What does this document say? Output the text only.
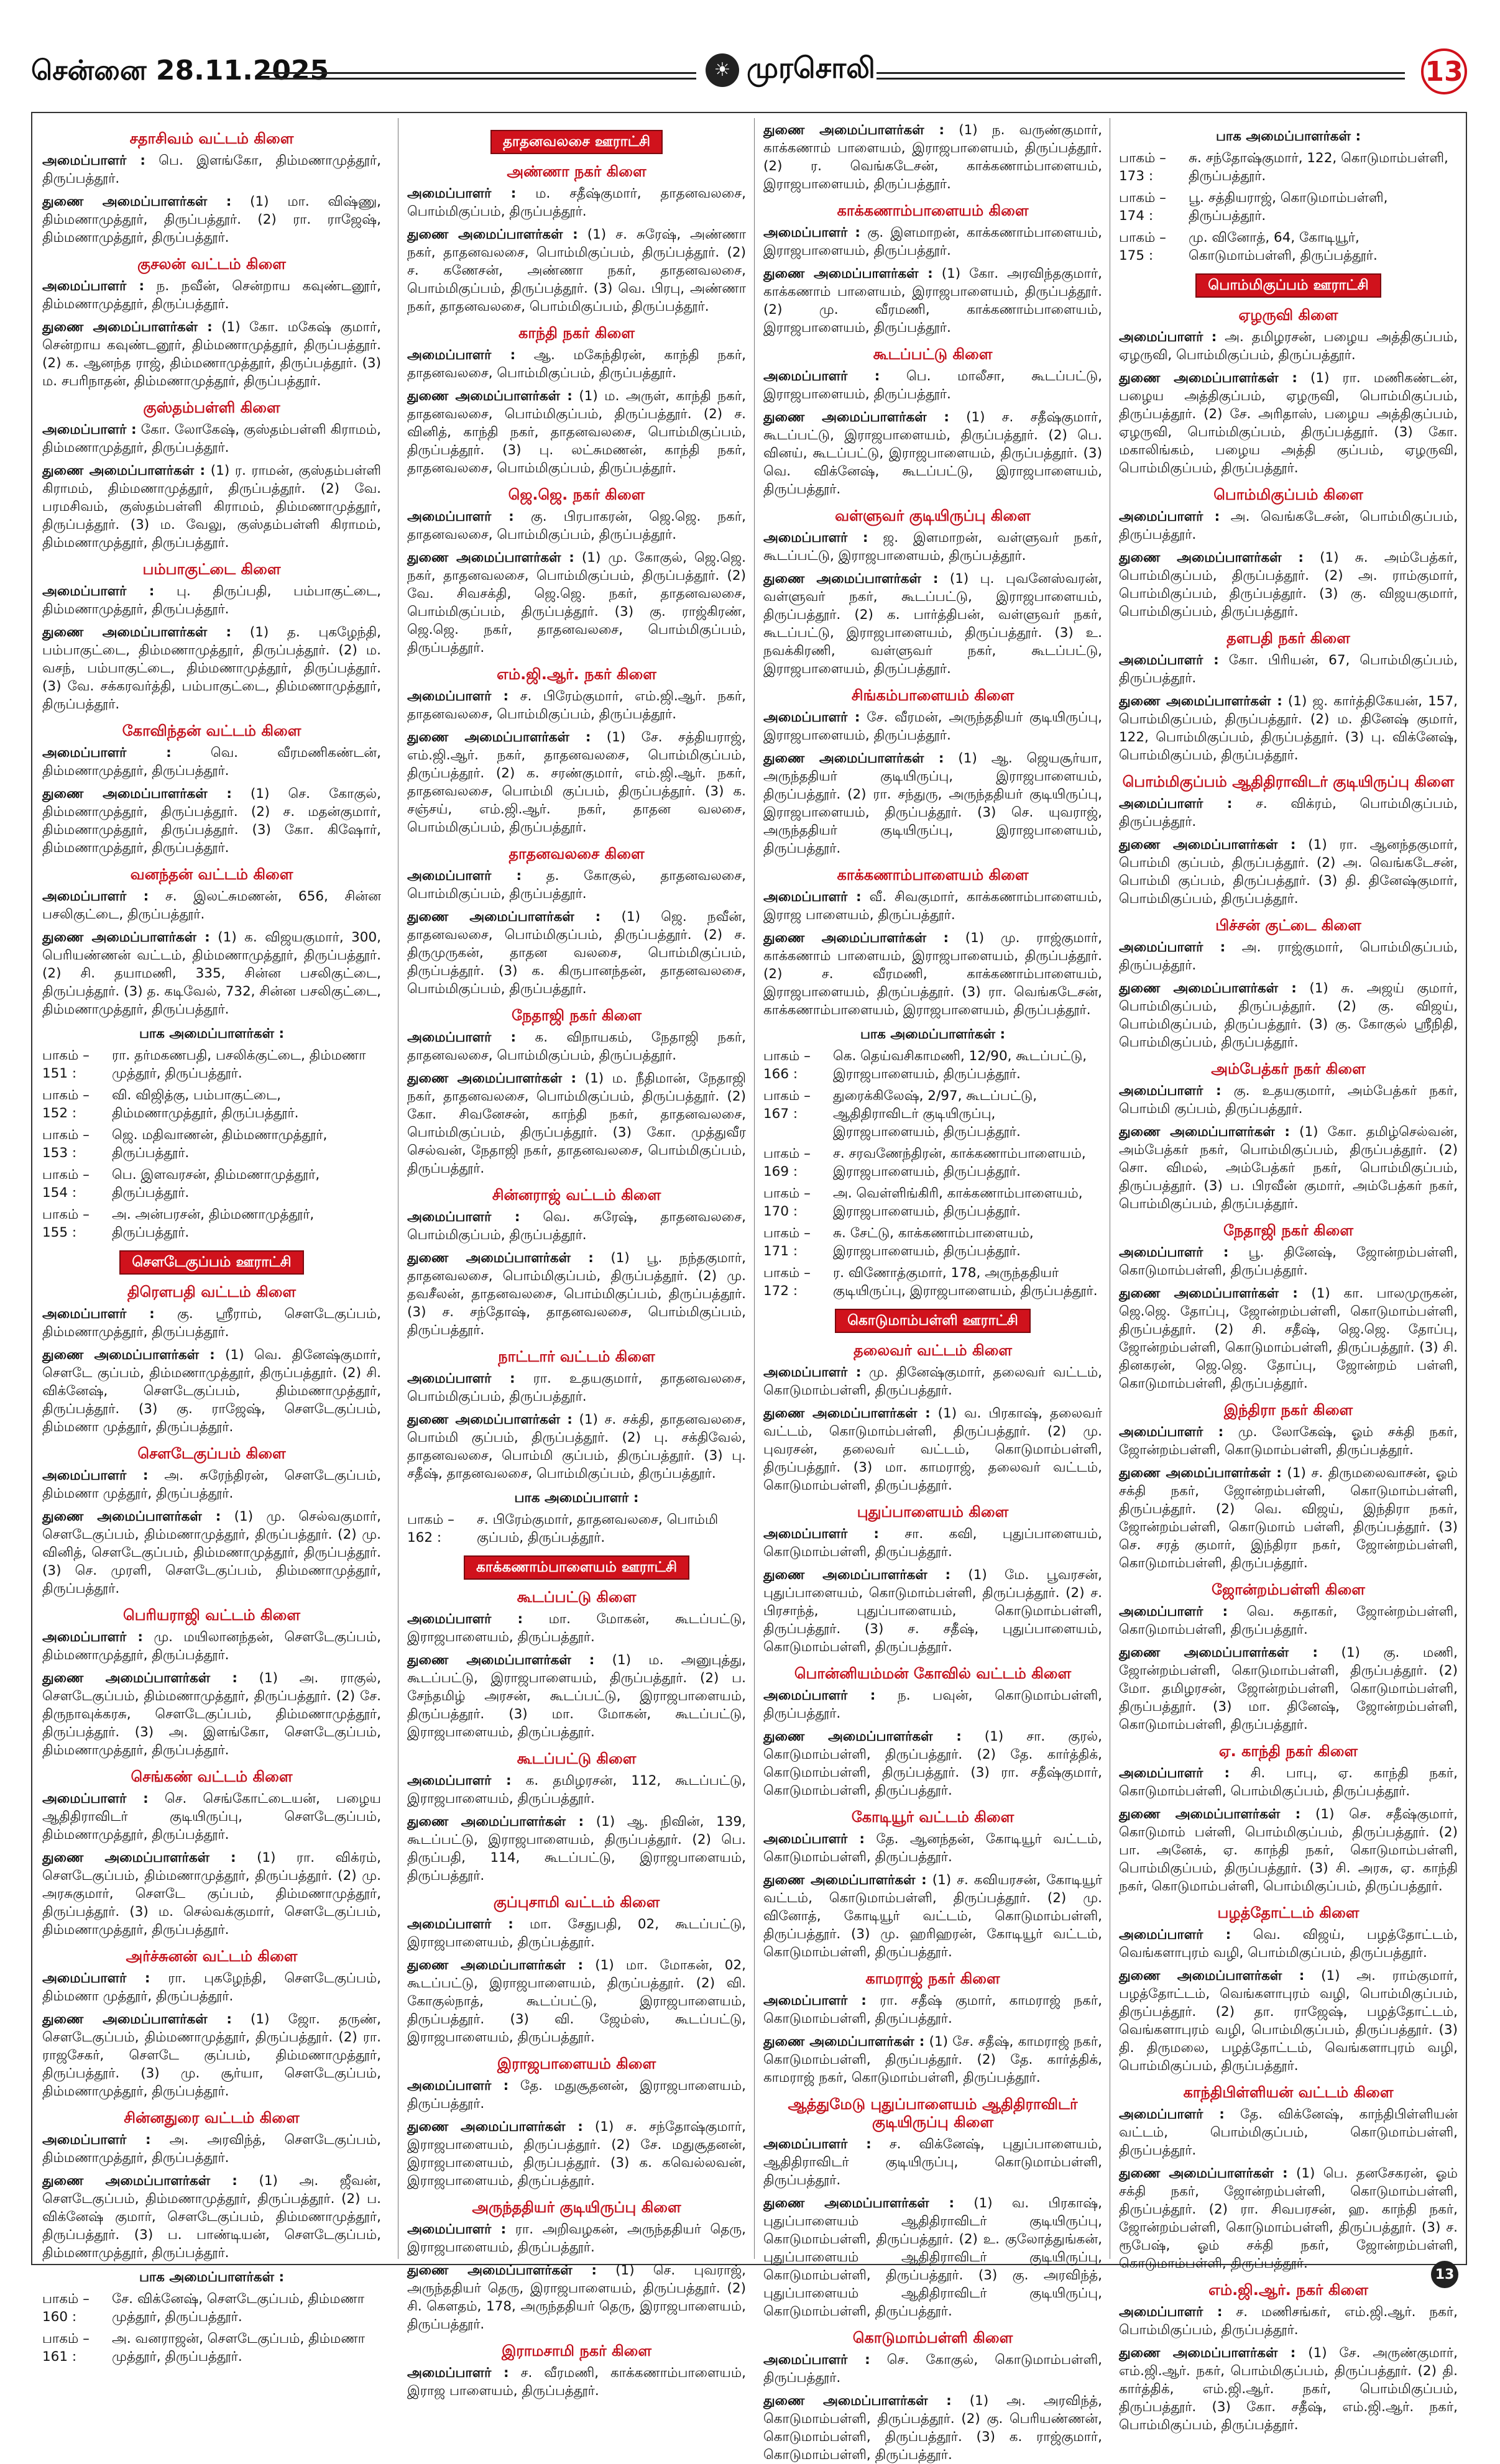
சென்னை 28.11.2025	☀ முரசொலி	13
சதாசிவம் வட்டம் கிளை

அமைப்பாளர் : பெ. இளங்கோ, திம்மணாமுத்தூர், திருப்பத்தூர்.

துணை அமைப்பாளர்கள் : (1) மா. விஷ்ணு, திம்மணாமுத்தூர், திருப்பத்தூர். (2) ரா. ராஜேஷ், திம்மணாமுத்தூர், திருப்பத்தூர்.

குசலன் வட்டம் கிளை

அமைப்பாளர் : ந. நவீன், சென்றாய கவுண்டனூர், திம்மணாமுத்தூர், திருப்பத்தூர்.

துணை அமைப்பாளர்கள் : (1) கோ. மகேஷ் குமார், சென்றாய கவுண்டனூர், திம்மணாமுத்தூர், திருப்பத்தூர். (2) க. ஆனந்த ராஜ், திம்மணாமுத்தூர், திருப்பத்தூர். (3) ம. சபரிநாதன், திம்மணாமுத்தூர், திருப்பத்தூர்.

குஸ்தம்பள்ளி கிளை

அமைப்பாளர் : கோ. லோகேஷ், குஸ்தம்பள்ளி கிராமம், திம்மணாமுத்தூர், திருப்பத்தூர்.

துணை அமைப்பாளர்கள் : (1) ர. ராமன், குஸ்தம்பள்ளி கிராமம், திம்மணாமுத்தூர், திருப்பத்தூர். (2) வே. பரமசிவம், குஸ்தம்பள்ளி கிராமம், திம்மணாமுத்தூர், திருப்பத்தூர். (3) ம. வேலு, குஸ்தம்பள்ளி கிராமம், திம்மணாமுத்தூர், திருப்பத்தூர்.

பம்பாகுட்டை கிளை

அமைப்பாளர் : பு. திருப்பதி, பம்பாகுட்டை, திம்மணாமுத்தூர், திருப்பத்தூர்.

துணை அமைப்பாளர்கள் : (1) த. புகழேந்தி, பம்பாகுட்டை, திம்மணாமுத்தூர், திருப்பத்தூர். (2) ம. வசந், பம்பாகுட்டை, திம்மணாமுத்தூர், திருப்பத்தூர். (3) வே. சக்கரவர்த்தி, பம்பாகுட்டை, திம்மணாமுத்தூர், திருப்பத்தூர்.

கோவிந்தன் வட்டம் கிளை

அமைப்பாளர் :	வெ. வீரமணிகண்டன், திம்மணாமுத்தூர், திருப்பத்தூர்.

துணை அமைப்பாளர்கள் : (1) செ. கோகுல், திம்மணாமுத்தூர், திருப்பத்தூர். (2) ச. மதன்குமார், திம்மணாமுத்தூர், திருப்பத்தூர். (3) கோ. கிஷோர், திம்மணாமுத்தூர், திருப்பத்தூர்.

வனந்தன் வட்டம் கிளை

அமைப்பாளர் : ச. இலட்சுமணன், 656, சின்ன பசலிகுட்டை, திருப்பத்தூர்.

துணை அமைப்பாளர்கள் : (1) க. விஜயகுமார், 300, பெரியண்ணன் வட்டம், திம்மணாமுத்தூர், திருப்பத்தூர். (2) சி. தயாமணி, 335, சின்ன பசலிகுட்டை, திருப்பத்தூர். (3) த. கடிவேல், 732, சின்ன பசலிகுட்டை, திம்மணாமுத்தூர், திருப்பத்தூர்.

பாக அமைப்பாளர்கள் :
பாகம் – 151 :
ரா. தர்மகணபதி, பசலிக்குட்டை, திம்மணா முத்தூர், திருப்பத்தூர்.
பாகம் – 152 :
வி. விஜித்கு, பம்பாகுட்டை, திம்மணாமுத்தூர், திருப்பத்தூர்.
பாகம் – 153 :
ஜெ. மதிவாணன், திம்மணாமுத்தூர், திருப்பத்தூர்.
பாகம் – 154 :
பெ. இளவரசன், திம்மணாமுத்தூர், திருப்பத்தூர்.
பாகம் – 155 :
அ. அன்பரசன், திம்மணாமுத்தூர், திருப்பத்தூர்.
சௌடேகுப்பம் ஊராட்சி
திரௌபதி வட்டம் கிளை

அமைப்பாளர் : கு. ஸ்ரீராம், சௌடேகுப்பம், திம்மணாமுத்தூர், திருப்பத்தூர்.

துணை அமைப்பாளர்கள் : (1) வெ. தினேஷ்குமார், சௌடே குப்பம், திம்மணாமுத்தூர், திருப்பத்தூர். (2) சி. விக்னேஷ், சௌடேகுப்பம், திம்மணாமுத்தூர், திருப்பத்தூர். (3) கு. ராஜேஷ், சௌடேகுப்பம், திம்மணா முத்தூர், திருப்பத்தூர்.

சௌடேகுப்பம் கிளை

அமைப்பாளர் : அ. சுரேந்திரன், சௌடேகுப்பம், திம்மணா முத்தூர், திருப்பத்தூர்.

துணை அமைப்பாளர்கள் : (1) மு. செல்வகுமார், சௌடேகுப்பம், திம்மணாமுத்தூர், திருப்பத்தூர். (2) மு. வினித், சௌடேகுப்பம், திம்மணாமுத்தூர், திருப்பத்தூர். (3) செ. முரளி, சௌடேகுப்பம், திம்மணாமுத்தூர், திருப்பத்தூர்.

பெரியராஜி வட்டம் கிளை

அமைப்பாளர் : மு. மயிலானந்தன், சௌடேகுப்பம், திம்மணாமுத்தூர், திருப்பத்தூர்.

துணை அமைப்பாளர்கள் : (1) அ. ராகுல், சௌடேகுப்பம், திம்மணாமுத்தூர், திருப்பத்தூர். (2) சே. திருநாவுக்கரசு, சௌடேகுப்பம், திம்மணாமுத்தூர், திருப்பத்தூர். (3) அ. இளங்கோ, சௌடேகுப்பம், திம்மணாமுத்தூர், திருப்பத்தூர்.

செங்கண் வட்டம் கிளை

அமைப்பாளர் : செ. செங்கோட்டையன், பழைய ஆதிதிராவிடர் குடியிருப்பு, சௌடேகுப்பம், திம்மணாமுத்தூர், திருப்பத்தூர்.

துணை அமைப்பாளர்கள் : (1) ரா. விக்ரம், சௌடேகுப்பம், திம்மணாமுத்தூர், திருப்பத்தூர். (2) மு. அரசுகுமார், சௌடே குப்பம், திம்மணாமுத்தூர், திருப்பத்தூர். (3) ம. செல்வக்குமார், சௌடேகுப்பம், திம்மணாமுத்தூர், திருப்பத்தூர்.

அர்ச்சுனன் வட்டம் கிளை

அமைப்பாளர் : ரா. புகழேந்தி, சௌடேகுப்பம், திம்மணா முத்தூர், திருப்பத்தூர்.

துணை அமைப்பாளர்கள் : (1) ஜோ. தருண், சௌடேகுப்பம், திம்மணாமுத்தூர், திருப்பத்தூர். (2) ரா. ராஜசேகர், சௌடே குப்பம், திம்மணாமுத்தூர், திருப்பத்தூர். (3) மு. சூர்யா, சௌடேகுப்பம், திம்மணாமுத்தூர், திருப்பத்தூர்.

சின்னதுரை வட்டம் கிளை

அமைப்பாளர் : அ. அரவிந்த், சௌடேகுப்பம், திம்மணாமுத்தூர், திருப்பத்தூர்.

துணை அமைப்பாளர்கள் : (1) அ. ஜீவன், சௌடேகுப்பம், திம்மணாமுத்தூர், திருப்பத்தூர். (2) ப. விக்னேஷ் குமார், சௌடேகுப்பம், திம்மணாமுத்தூர், திருப்பத்தூர். (3) ப. பாண்டியன், சௌடேகுப்பம், திம்மணாமுத்தூர், திருப்பத்தூர்.

பாக அமைப்பாளர்கள் :
பாகம் – 160 :
சே. விக்னேஷ், சௌடேகுப்பம், திம்மணா முத்தூர், திருப்பத்தூர்.
பாகம் – 161 :
அ. வனராஜன், சௌடேகுப்பம், திம்மணா முத்தூர், திருப்பத்தூர்.
தாதனவலசை ஊராட்சி
அண்ணா நகர் கிளை

அமைப்பாளர் : ம. சதீஷ்குமார், தாதனவலசை, பொம்மிகுப்பம், திருப்பத்தூர்.

துணை அமைப்பாளர்கள் : (1) ச. சுரேஷ், அண்ணா நகர், தாதனவலசை, பொம்மிகுப்பம், திருப்பத்தூர். (2) ச. கணேசன், அண்ணா நகர், தாதனவலசை, பொம்மிகுப்பம், திருப்பத்தூர். (3) வெ. பிரபு, அண்ணா நகர், தாதனவலசை, பொம்மிகுப்பம், திருப்பத்தூர்.

காந்தி நகர் கிளை

அமைப்பாளர் : ஆ. மகேந்திரன், காந்தி நகர், தாதனவலசை, பொம்மிகுப்பம், திருப்பத்தூர்.

துணை அமைப்பாளர்கள் : (1) ம. அருள், காந்தி நகர், தாதனவலசை, பொம்மிகுப்பம், திருப்பத்தூர். (2) ச. வினித், காந்தி நகர், தாதனவலசை, பொம்மிகுப்பம், திருப்பத்தூர். (3) பு. லட்சுமணன், காந்தி நகர், தாதனவலசை, பொம்மிகுப்பம், திருப்பத்தூர்.

ஜெ.ஜெ. நகர் கிளை

அமைப்பாளர் : கு. பிரபாகரன், ஜெ.ஜெ. நகர், தாதனவலசை, பொம்மிகுப்பம், திருப்பத்தூர்.

துணை அமைப்பாளர்கள் : (1) மு. கோகுல், ஜெ.ஜெ. நகர், தாதனவலசை, பொம்மிகுப்பம், திருப்பத்தூர். (2) வே. சிவசக்தி, ஜெ.ஜெ. நகர், தாதனவலசை, பொம்மிகுப்பம், திருப்பத்தூர். (3) கு. ராஜ்கிரண், ஜெ.ஜெ. நகர், தாதனவலசை, பொம்மிகுப்பம், திருப்பத்தூர்.

எம்.ஜி.ஆர். நகர் கிளை

அமைப்பாளர் : ச. பிரேம்குமார், எம்.ஜி.ஆர். நகர், தாதனவலசை, பொம்மிகுப்பம், திருப்பத்தூர்.

துணை அமைப்பாளர்கள் : (1) சே. சத்தியராஜ், எம்.ஜி.ஆர். நகர், தாதனவலசை, பொம்மிகுப்பம், திருப்பத்தூர். (2) க. சரண்குமார், எம்.ஜி.ஆர். நகர், தாதனவலசை, பொம்மி குப்பம், திருப்பத்தூர். (3) க. சஞ்சய், எம்.ஜி.ஆர். நகர், தாதன வலசை, பொம்மிகுப்பம், திருப்பத்தூர்.

தாதனவலசை கிளை

அமைப்பாளர் : த. கோகுல், தாதனவலசை, பொம்மிகுப்பம், திருப்பத்தூர்.

துணை அமைப்பாளர்கள் : (1) ஜெ. நவீன், தாதனவலசை, பொம்மிகுப்பம், திருப்பத்தூர். (2) ச. திருமுருகன், தாதன வலசை, பொம்மிகுப்பம், திருப்பத்தூர். (3) க. கிருபானந்தன், தாதனவலசை, பொம்மிகுப்பம், திருப்பத்தூர்.

நேதாஜி நகர் கிளை

அமைப்பாளர் : க. விநாயகம், நேதாஜி நகர், தாதனவலசை, பொம்மிகுப்பம், திருப்பத்தூர்.

துணை அமைப்பாளர்கள் : (1) ம. நீதிமான், நேதாஜி நகர், தாதனவலசை, பொம்மிகுப்பம், திருப்பத்தூர். (2) கோ. சிவனேசன், காந்தி நகர், தாதனவலசை, பொம்மிகுப்பம், திருப்பத்தூர். (3) கோ. முத்துவீர செல்வன், நேதாஜி நகர், தாதனவலசை, பொம்மிகுப்பம், திருப்பத்தூர்.

சின்னராஜ் வட்டம் கிளை

அமைப்பாளர் : வெ. சுரேஷ், தாதனவலசை, பொம்மிகுப்பம், திருப்பத்தூர்.

துணை அமைப்பாளர்கள் : (1) பூ. நந்தகுமார், தாதனவலசை, பொம்மிகுப்பம், திருப்பத்தூர். (2) மு. தவசீலன், தாதனவலசை, பொம்மிகுப்பம், திருப்பத்தூர். (3) ச. சந்தோஷ், தாதனவலசை, பொம்மிகுப்பம், திருப்பத்தூர்.

நாட்டார் வட்டம் கிளை

அமைப்பாளர் : ரா. உதயகுமார், தாதனவலசை, பொம்மிகுப்பம், திருப்பத்தூர்.

துணை அமைப்பாளர்கள் : (1) ச. சக்தி, தாதனவலசை, பொம்மி குப்பம், திருப்பத்தூர். (2) பு. சக்திவேல், தாதனவலசை, பொம்மி குப்பம், திருப்பத்தூர். (3) பு. சதீஷ், தாதனவலசை, பொம்மிகுப்பம், திருப்பத்தூர்.

பாக அமைப்பாளர் :
பாகம் – 162 :
ச. பிரேம்குமார், தாதனவலசை, பொம்மி குப்பம், திருப்பத்தூர்.
காக்கணாம்பாளையம் ஊராட்சி
கூடப்பட்டு கிளை

அமைப்பாளர் : மா. மோகன், கூடப்பட்டு, இராஜபாளையம், திருப்பத்தூர்.

துணை அமைப்பாளர்கள் : (1) ம. அனுபுத்து, கூடப்பட்டு, இராஜபாளையம், திருப்பத்தூர். (2) ப. சேந்தமிழ் அரசன், கூடப்பட்டு, இராஜபாளையம், திருப்பத்தூர். (3) மா. மோகன், கூடப்பட்டு, இராஜபாளையம், திருப்பத்தூர்.

கூடப்பட்டு கிளை

அமைப்பாளர் : க. தமிழரசன், 112, கூடப்பட்டு, இராஜபாளையம், திருப்பத்தூர்.

துணை அமைப்பாளர்கள் : (1) ஆ. நிவின், 139, கூடப்பட்டு, இராஜபாளையம், திருப்பத்தூர். (2) பெ. திருப்பதி, 114, கூடப்பட்டு, இராஜபாளையம், திருப்பத்தூர்.

குப்புசாமி வட்டம் கிளை

அமைப்பாளர் : மா. சேதுபதி, 02, கூடப்பட்டு, இராஜபாளையம், திருப்பத்தூர்.

துணை அமைப்பாளர்கள் : (1) மா. மோகன், 02, கூடப்பட்டு, இராஜபாளையம், திருப்பத்தூர். (2) வி. கோகுல்நாத், கூடப்பட்டு, இராஜபாளையம், திருப்பத்தூர். (3) வி. ஜேம்ஸ், கூடப்பட்டு, இராஜபாளையம், திருப்பத்தூர்.

இராஜபாளையம் கிளை

அமைப்பாளர் : தே. மதுசூதனன், இராஜபாளையம், திருப்பத்தூர்.

துணை அமைப்பாளர்கள் : (1) ச. சந்தோஷ்குமார், இராஜபாளையம், திருப்பத்தூர். (2) சே. மதுசூதனன், இராஜபாளையம், திருப்பத்தூர். (3) க. கவெல்லவன், இராஜபாளையம், திருப்பத்தூர்.

அருந்ததியர் குடியிருப்பு கிளை

அமைப்பாளர் : ரா. அறிவழகன், அருந்ததியர் தெரு, இராஜபாளையம், திருப்பத்தூர்.

துணை அமைப்பாளர்கள் : (1) செ. புவராஜ், அருந்ததியர் தெரு, இராஜபாளையம், திருப்பத்தூர். (2) சி. கௌதம், 178, அருந்ததியர் தெரு, இராஜபாளையம், திருப்பத்தூர்.

இராமசாமி நகர் கிளை

அமைப்பாளர் : ச. வீரமணி, காக்கணாம்பாளையம், இராஜ பாளையம், திருப்பத்தூர்.

துணை அமைப்பாளர்கள் : (1) ந. வருண்குமார், காக்கணாம் பாளையம், இராஜபாளையம், திருப்பத்தூர். (2) ர. வெங்கடேசன், காக்கணாம்பாளையம், இராஜபாளையம், திருப்பத்தூர்.

காக்கணாம்பாளையம் கிளை

அமைப்பாளர் : கு. இளமாறன், காக்கணாம்பாளையம், இராஜபாளையம், திருப்பத்தூர்.

துணை அமைப்பாளர்கள் : (1) கோ. அரவிந்தகுமார், காக்கணாம் பாளையம், இராஜபாளையம், திருப்பத்தூர். (2) மு. வீரமணி, காக்கணாம்பாளையம், இராஜபாளையம், திருப்பத்தூர்.

கூடப்பட்டு கிளை

அமைப்பாளர் : பெ. மாலீசா, கூடப்பட்டு, இராஜபாளையம், திருப்பத்தூர்.

துணை அமைப்பாளர்கள் : (1) ச. சதீஷ்குமார், கூடப்பட்டு, இராஜபாளையம், திருப்பத்தூர். (2) பெ. வினய், கூடப்பட்டு, இராஜபாளையம், திருப்பத்தூர். (3) வெ. விக்னேஷ், கூடப்பட்டு, இராஜபாளையம், திருப்பத்தூர்.

வள்ளுவர் குடியிருப்பு கிளை

அமைப்பாளர் : ஜ. இளமாறன், வள்ளுவர் நகர், கூடப்பட்டு, இராஜபாளையம், திருப்பத்தூர்.

துணை அமைப்பாளர்கள் : (1) பு. புவனேஸ்வரன், வள்ளுவர் நகர், கூடப்பட்டு, இராஜபாளையம், திருப்பத்தூர். (2) க. பார்த்திபன், வள்ளுவர் நகர், கூடப்பட்டு, இராஜபாளையம், திருப்பத்தூர். (3) உ. நவக்கிரணி, வள்ளுவர் நகர், கூடப்பட்டு, இராஜபாளையம், திருப்பத்தூர்.

சிங்கம்பாளையம் கிளை

அமைப்பாளர் : சே. வீரமன், அருந்ததியர் குடியிருப்பு, இராஜபாளையம், திருப்பத்தூர்.

துணை அமைப்பாளர்கள் : (1) ஆ. ஜெயசூர்யா, அருந்ததியர் குடியிருப்பு, இராஜபாளையம், திருப்பத்தூர். (2) ரா. சந்துரு, அருந்ததியர் குடியிருப்பு, இராஜபாளையம், திருப்பத்தூர். (3) செ. யுவராஜ், அருந்ததியர் குடியிருப்பு, இராஜபாளையம், திருப்பத்தூர்.

காக்கணாம்பாளையம் கிளை

அமைப்பாளர் : வீ. சிவகுமார், காக்கணாம்பாளையம், இராஜ பாளையம், திருப்பத்தூர்.

துணை அமைப்பாளர்கள் : (1) மு. ராஜ்குமார், காக்கணாம் பாளையம், இராஜபாளையம், திருப்பத்தூர். (2) ச. வீரமணி, காக்கணாம்பாளையம், இராஜபாளையம், திருப்பத்தூர். (3) ரா. வெங்கடேசன், காக்கணாம்பாளையம், இராஜபாளையம், திருப்பத்தூர்.

பாக அமைப்பாளர்கள் :
பாகம் – 166 :
கெ. தெய்வசிகாமணி, 12/90, கூடப்பட்டு, இராஜபாளையம், திருப்பத்தூர்.
பாகம் – 167 :
துரைக்கிலேஷ், 2/97, கூடப்பட்டு, ஆதிதிராவிடர் குடியிருப்பு, இராஜபாளையம், திருப்பத்தூர்.
பாகம் – 169 :
ச. சரவணேந்திரன், காக்கணாம்பாளையம், இராஜபாளையம், திருப்பத்தூர்.
பாகம் – 170 :
அ. வெள்ளிங்கிரி, காக்கணாம்பாளையம், இராஜபாளையம், திருப்பத்தூர்.
பாகம் – 171 :
சு. சேட்டு, காக்கணாம்பாளையம், இராஜபாளையம், திருப்பத்தூர்.
பாகம் – 172 :
ர. விணோத்குமார், 178, அருந்ததியர் குடியிருப்பு, இராஜபாளையம், திருப்பத்தூர்.
கொடுமாம்பள்ளி ஊராட்சி
தலைவர் வட்டம் கிளை

அமைப்பாளர் : மு. தினேஷ்குமார், தலைவர் வட்டம், கொடுமாம்பள்ளி, திருப்பத்தூர்.

துணை அமைப்பாளர்கள் : (1) வ. பிரகாஷ், தலைவர் வட்டம், கொடுமாம்பள்ளி, திருப்பத்தூர். (2) மு. புவரசன், தலைவர் வட்டம், கொடுமாம்பள்ளி, திருப்பத்தூர். (3) மா. காமராஜ், தலைவர் வட்டம், கொடுமாம்பள்ளி, திருப்பத்தூர்.

புதுப்பாளையம் கிளை

அமைப்பாளர் : சா. கவி, புதுப்பாளையம், கொடுமாம்பள்ளி, திருப்பத்தூர்.

துணை அமைப்பாளர்கள் : (1) மே. பூவரசன், புதுப்பாளையம், கொடுமாம்பள்ளி, திருப்பத்தூர். (2) ச. பிரசாந்த், புதுப்பாளையம், கொடுமாம்பள்ளி, திருப்பத்தூர். (3) ச. சதீஷ், புதுப்பாளையம், கொடுமாம்பள்ளி, திருப்பத்தூர்.

பொன்னியம்மன் கோவில் வட்டம் கிளை

அமைப்பாளர் : ந. பவுன், கொடுமாம்பள்ளி, திருப்பத்தூர்.

துணை அமைப்பாளர்கள் : (1) சா. குரல், கொடுமாம்பள்ளி, திருப்பத்தூர். (2) தே. கார்த்திக், கொடுமாம்பள்ளி, திருப்பத்தூர். (3) ரா. சதீஷ்குமார், கொடுமாம்பள்ளி, திருப்பத்தூர்.

கோடியூர் வட்டம் கிளை

அமைப்பாளர் : தே. ஆனந்தன், கோடியூர் வட்டம், கொடுமாம்பள்ளி, திருப்பத்தூர்.

துணை அமைப்பாளர்கள் : (1) ச. கவியரசன், கோடியூர் வட்டம், கொடுமாம்பள்ளி, திருப்பத்தூர். (2) மு. வினோத், கோடியூர் வட்டம், கொடுமாம்பள்ளி, திருப்பத்தூர். (3) மு. ஹரிஹரன், கோடியூர் வட்டம், கொடுமாம்பள்ளி, திருப்பத்தூர்.

காமராஜ் நகர் கிளை

அமைப்பாளர் : ரா. சதீஷ் குமார், காமராஜ் நகர், கொடுமாம்பள்ளி, திருப்பத்தூர்.

துணை அமைப்பாளர்கள் : (1) சே. சதீஷ், காமராஜ் நகர், கொடுமாம்பள்ளி, திருப்பத்தூர். (2) தே. கார்த்திக், காமராஜ் நகர், கொடுமாம்பள்ளி, திருப்பத்தூர்.

ஆத்துமேடு புதுப்பாளையம் ஆதிதிராவிடர் குடியிருப்பு கிளை

அமைப்பாளர் : ச. விக்னேஷ், புதுப்பாளையம், ஆதிதிராவிடர் குடியிருப்பு, கொடுமாம்பள்ளி, திருப்பத்தூர்.

துணை அமைப்பாளர்கள் : (1) வ. பிரகாஷ், புதுப்பாளையம் ஆதிதிராவிடர் குடியிருப்பு, கொடுமாம்பள்ளி, திருப்பத்தூர். (2) உ. குலோத்துங்கன், புதுப்பாளையம் ஆதிதிராவிடர் குடியிருப்பு, கொடுமாம்பள்ளி, திருப்பத்தூர். (3) கு. அரவிந்த், புதுப்பாளையம் ஆதிதிராவிடர் குடியிருப்பு, கொடுமாம்பள்ளி, திருப்பத்தூர்.

கொடுமாம்பள்ளி கிளை

அமைப்பாளர் : செ. கோகுல், கொடுமாம்பள்ளி, திருப்பத்தூர்.

துணை அமைப்பாளர்கள் : (1) அ. அரவிந்த், கொடுமாம்பள்ளி, திருப்பத்தூர். (2) கு. பெரியண்ணன், கொடுமாம்பள்ளி, திருப்பத்தூர். (3) க. ராஜ்குமார், கொடுமாம்பள்ளி, திருப்பத்தூர்.

பாக அமைப்பாளர்கள் :
பாகம் – 173 :
சு. சந்தோஷ்குமார், 122, கொடுமாம்பள்ளி, திருப்பத்தூர்.
பாகம் – 174 :
பூ. சத்தியராஜ், கொடுமாம்பள்ளி, திருப்பத்தூர்.
பாகம் – 175 :
மு. வினோத், 64, கோடியூர், கொடுமாம்பள்ளி, திருப்பத்தூர்.
பொம்மிகுப்பம் ஊராட்சி
ஏழருவி கிளை

அமைப்பாளர் : அ. தமிழரசன், பழைய அத்திகுப்பம், ஏழருவி, பொம்மிகுப்பம், திருப்பத்தூர்.

துணை அமைப்பாளர்கள் : (1) ரா. மணிகண்டன், பழைய அத்திகுப்பம், ஏழருவி, பொம்மிகுப்பம், திருப்பத்தூர். (2) சே. அரிதாஸ், பழைய அத்திகுப்பம், ஏழருவி, பொம்மிகுப்பம், திருப்பத்தூர். (3) கோ. மகாலிங்கம், பழைய அத்தி குப்பம், ஏழருவி, பொம்மிகுப்பம், திருப்பத்தூர்.

பொம்மிகுப்பம் கிளை

அமைப்பாளர் : அ. வெங்கடேசன், பொம்மிகுப்பம், திருப்பத்தூர்.

துணை அமைப்பாளர்கள் : (1) சு. அம்பேத்கர், பொம்மிகுப்பம், திருப்பத்தூர். (2) அ. ராம்குமார், பொம்மிகுப்பம், திருப்பத்தூர். (3) கு. விஜயகுமார், பொம்மிகுப்பம், திருப்பத்தூர்.

தளபதி நகர் கிளை

அமைப்பாளர் : கோ. பிரியன், 67, பொம்மிகுப்பம், திருப்பத்தூர்.

துணை அமைப்பாளர்கள் : (1) ஜ. கார்த்திகேயன், 157, பொம்மிகுப்பம், திருப்பத்தூர். (2) ம. தினேஷ் குமார், 122, பொம்மிகுப்பம், திருப்பத்தூர். (3) பு. விக்னேஷ், பொம்மிகுப்பம், திருப்பத்தூர்.

பொம்மிகுப்பம் ஆதிதிராவிடர் குடியிருப்பு கிளை

அமைப்பாளர் : ச. விக்ரம், பொம்மிகுப்பம், திருப்பத்தூர்.

துணை அமைப்பாளர்கள் : (1) ரா. ஆனந்தகுமார், பொம்மி குப்பம், திருப்பத்தூர். (2) அ. வெங்கடேசன், பொம்மி குப்பம், திருப்பத்தூர். (3) தி. தினேஷ்குமார், பொம்மிகுப்பம், திருப்பத்தூர்.

பிச்சன் குட்டை கிளை

அமைப்பாளர் : அ. ராஜ்குமார், பொம்மிகுப்பம், திருப்பத்தூர்.

துணை அமைப்பாளர்கள் : (1) சு. அஜய் குமார், பொம்மிகுப்பம், திருப்பத்தூர். (2) கு. விஜய், பொம்மிகுப்பம், திருப்பத்தூர். (3) கு. கோகுல் ஸ்ரீநிதி, பொம்மிகுப்பம், திருப்பத்தூர்.

அம்பேத்கர் நகர் கிளை

அமைப்பாளர் : கு. உதயகுமார், அம்பேத்கர் நகர், பொம்மி குப்பம், திருப்பத்தூர்.

துணை அமைப்பாளர்கள் : (1) கோ. தமிழ்செல்வன், அம்பேத்கர் நகர், பொம்மிகுப்பம், திருப்பத்தூர். (2) சொ. விமல், அம்பேத்கர் நகர், பொம்மிகுப்பம், திருப்பத்தூர். (3) ப. பிரவீன் குமார், அம்பேத்கர் நகர், பொம்மிகுப்பம், திருப்பத்தூர்.

நேதாஜி நகர் கிளை

அமைப்பாளர் : பூ. தினேஷ், ஜோன்றம்பள்ளி, கொடுமாம்பள்ளி, திருப்பத்தூர்.

துணை அமைப்பாளர்கள் : (1) கா. பாலமுருகன், ஜெ.ஜெ. தோப்பு, ஜோன்றம்பள்ளி, கொடுமாம்பள்ளி, திருப்பத்தூர். (2) சி. சதீஷ், ஜெ.ஜெ. தோப்பு, ஜோன்றம்பள்ளி, கொடுமாம்பள்ளி, திருப்பத்தூர். (3) சி. தினகரன், ஜெ.ஜெ. தோப்பு, ஜோன்றம் பள்ளி, கொடுமாம்பள்ளி, திருப்பத்தூர்.

இந்திரா நகர் கிளை

அமைப்பாளர் : மு. லோகேஷ், ஓம் சக்தி நகர், ஜோன்றம்பள்ளி, கொடுமாம்பள்ளி, திருப்பத்தூர்.

துணை அமைப்பாளர்கள் : (1) ச. திருமலைவாசன், ஓம் சக்தி நகர், ஜோன்றம்பள்ளி, கொடுமாம்பள்ளி, திருப்பத்தூர். (2) வெ. விஜய், இந்திரா நகர், ஜோன்றம்பள்ளி, கொடுமாம் பள்ளி, திருப்பத்தூர். (3) செ. சரத் குமார், இந்திரா நகர், ஜோன்றம்பள்ளி, கொடுமாம்பள்ளி, திருப்பத்தூர்.

ஜோன்றம்பள்ளி கிளை

அமைப்பாளர் : வெ. சுதாகர், ஜோன்றம்பள்ளி, கொடுமாம்பள்ளி, திருப்பத்தூர்.

துணை அமைப்பாளர்கள் : (1) கு. மணி, ஜோன்றம்பள்ளி, கொடுமாம்பள்ளி, திருப்பத்தூர். (2) மோ. தமிழரசன், ஜோன்றம்பள்ளி, கொடுமாம்பள்ளி, திருப்பத்தூர். (3) மா. தினேஷ், ஜோன்றம்பள்ளி, கொடுமாம்பள்ளி, திருப்பத்தூர்.

ஏ. காந்தி நகர் கிளை

அமைப்பாளர் : சி. பாபு, ஏ. காந்தி நகர், கொடுமாம்பள்ளி, பொம்மிகுப்பம், திருப்பத்தூர்.

துணை அமைப்பாளர்கள் : (1) செ. சதீஷ்குமார், கொடுமாம் பள்ளி, பொம்மிகுப்பம், திருப்பத்தூர். (2) பா. அனேக், ஏ. காந்தி நகர், கொடுமாம்பள்ளி, பொம்மிகுப்பம், திருப்பத்தூர். (3) சி. அரசு, ஏ. காந்தி நகர், கொடுமாம்பள்ளி, பொம்மிகுப்பம், திருப்பத்தூர்.

பழத்தோட்டம் கிளை

அமைப்பாளர் : வெ. விஜய், பழத்தோட்டம், வெங்களாபுரம் வழி, பொம்மிகுப்பம், திருப்பத்தூர்.

துணை அமைப்பாளர்கள் : (1) அ. ராம்குமார், பழத்தோட்டம், வெங்களாபுரம் வழி, பொம்மிகுப்பம், திருப்பத்தூர். (2) தா. ராஜேஷ், பழத்தோட்டம், வெங்களாபுரம் வழி, பொம்மிகுப்பம், திருப்பத்தூர். (3) தி. திருமலை, பழத்தோட்டம், வெங்களாபுரம் வழி, பொம்மிகுப்பம், திருப்பத்தூர்.

காந்திபிள்ளியன் வட்டம் கிளை

அமைப்பாளர் : தே. விக்னேஷ், காந்திபிள்ளியன் வட்டம், பொம்மிகுப்பம், கொடுமாம்பள்ளி, திருப்பத்தூர்.

துணை அமைப்பாளர்கள் : (1) பெ. தனசேகரன், ஓம் சக்தி நகர், ஜோன்றம்பள்ளி, கொடுமாம்பள்ளி, திருப்பத்தூர். (2) ரா. சிவபரசன், ஹ. காந்தி நகர், ஜோன்றம்பள்ளி, கொடுமாம்பள்ளி, திருப்பத்தூர். (3) ச. ரூபேஷ், ஓம் சக்தி நகர், ஜோன்றம்பள்ளி, கொடுமாம்பள்ளி, திருப்பத்தூர்.

எம்.ஜி.ஆர். நகர் கிளை

அமைப்பாளர் : ச. மணிசங்கர், எம்.ஜி.ஆர். நகர், பொம்மிகுப்பம், திருப்பத்தூர்.

துணை அமைப்பாளர்கள் : (1) சே. அருண்குமார், எம்.ஜி.ஆர். நகர், பொம்மிகுப்பம், திருப்பத்தூர். (2) தி. கார்த்திக், எம்.ஜி.ஆர். நகர், பொம்மிகுப்பம், திருப்பத்தூர். (3) கோ. சதீஷ், எம்.ஜி.ஆர். நகர், பொம்மிகுப்பம், திருப்பத்தூர்.

13
